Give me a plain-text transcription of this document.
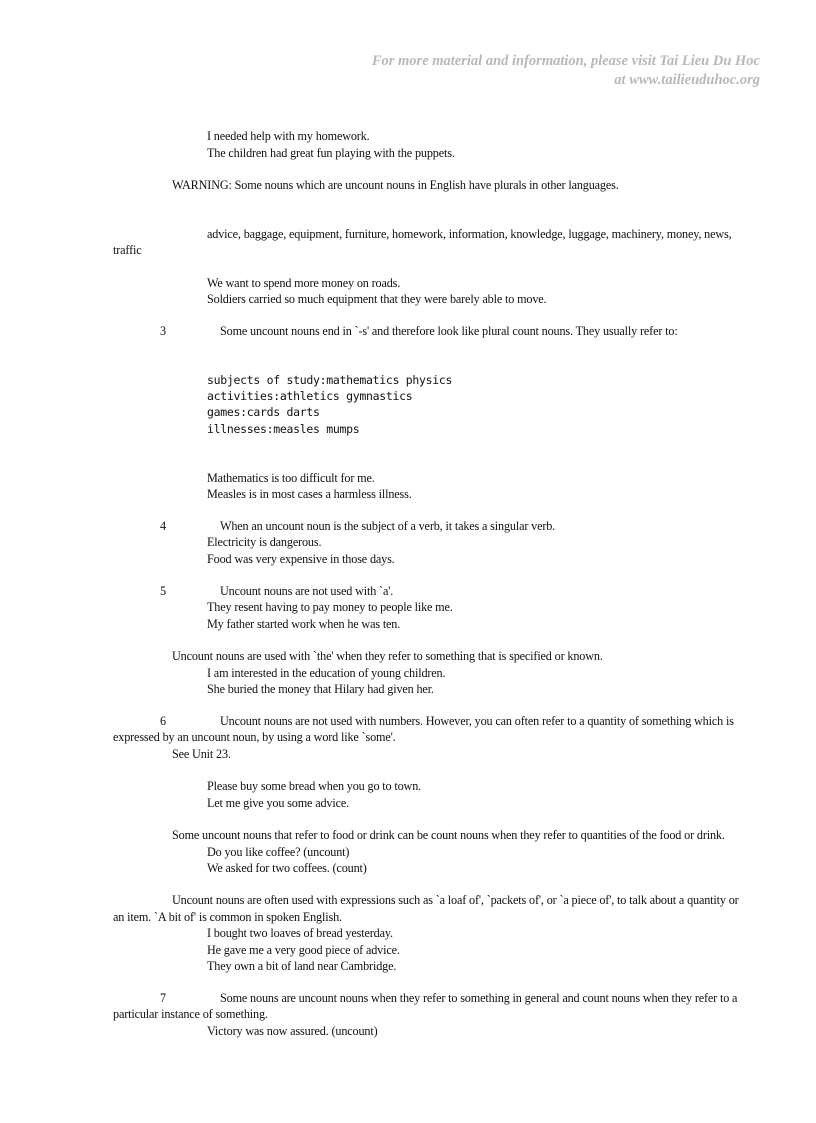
For more material and information, please visit Tai Lieu Du Hoc
at www.tailieuduhoc.org
I needed help with my homework.
The children had great fun playing with the puppets.
WARNING: Some nouns which are uncount nouns in English have plurals in other languages.
advice, baggage, equipment, furniture, homework, information, knowledge, luggage, machinery, money, news,
traffic
We want to spend more money on roads.
Soldiers carried so much equipment that they were barely able to move.
3	Some uncount nouns end in `-s' and therefore look like plural count nouns. They usually refer to:
subjects of study:mathematics physics
activities:athletics gymnastics
games:cards darts
illnesses:measles mumps
Mathematics is too difficult for me.
Measles is in most cases a harmless illness.
4	When an uncount noun is the subject of a verb, it takes a singular verb.
Electricity is dangerous.
Food was very expensive in those days.
5	Uncount nouns are not used with `a'.
They resent having to pay money to people like me.
My father started work when he was ten.
Uncount nouns are used with `the' when they refer to something that is specified or known.
I am interested in the education of young children.
She buried the money that Hilary had given her.
6	Uncount nouns are not used with numbers. However, you can often refer to a quantity of something which is
expressed by an uncount noun, by using a word like `some'.
See Unit 23.
Please buy some bread when you go to town.
Let me give you some advice.
Some uncount nouns that refer to food or drink can be count nouns when they refer to quantities of the food or drink.
Do you like coffee? (uncount)
We asked for two coffees. (count)
Uncount nouns are often used with expressions such as `a loaf of', `packets of', or `a piece of', to talk about a quantity or
an item. `A bit of' is common in spoken English.
I bought two loaves of bread yesterday.
He gave me a very good piece of advice.
They own a bit of land near Cambridge.
7	Some nouns are uncount nouns when they refer to something in general and count nouns when they refer to a
particular instance of something.
Victory was now assured. (uncount)
